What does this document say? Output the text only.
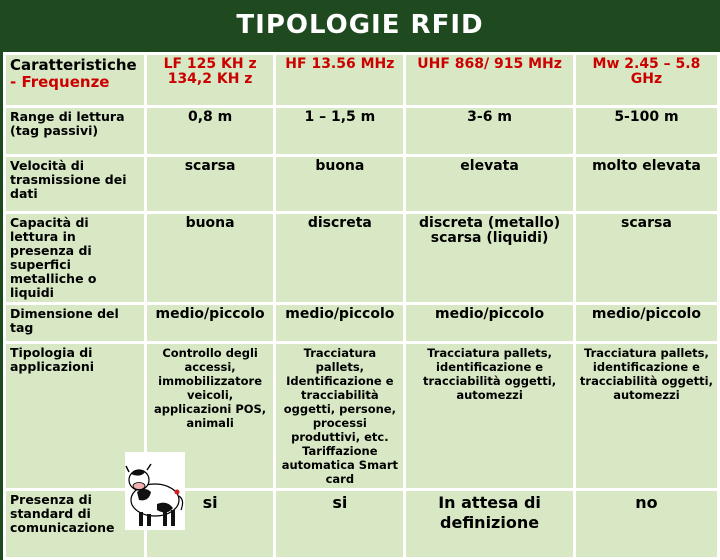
TIPOLOGIE RFID
Caratteristiche
- Frequenze	LF 125 KH z 134,2 KH z	HF 13.56 MHz	UHF 868/ 915 MHz	Mw 2.45 – 5.8 GHz
Range di lettura (tag passivi)	0,8 m	1 – 1,5 m	3-6 m	5-100 m
Velocità di trasmissione dei dati	scarsa	buona	elevata	molto elevata
Capacità di lettura in presenza di superfici metalliche o liquidi	buona	discreta	discreta (metallo) scarsa (liquidi)	scarsa
Dimensione del tag	medio/piccolo	medio/piccolo	medio/piccolo	medio/piccolo
Tipologia di applicazioni	Controllo degli accessi, immobilizzatore veicoli, applicazioni POS, animali	Tracciatura pallets, Identificazione e tracciabilità oggetti, persone, processi produttivi, etc. Tariffazione automatica Smart card	Tracciatura pallets, identificazione e tracciabilità oggetti, automezzi	Tracciatura pallets, identificazione e tracciabilità oggetti, automezzi
Presenza di standard di comunicazione	si	si	In attesa di definizione	no
